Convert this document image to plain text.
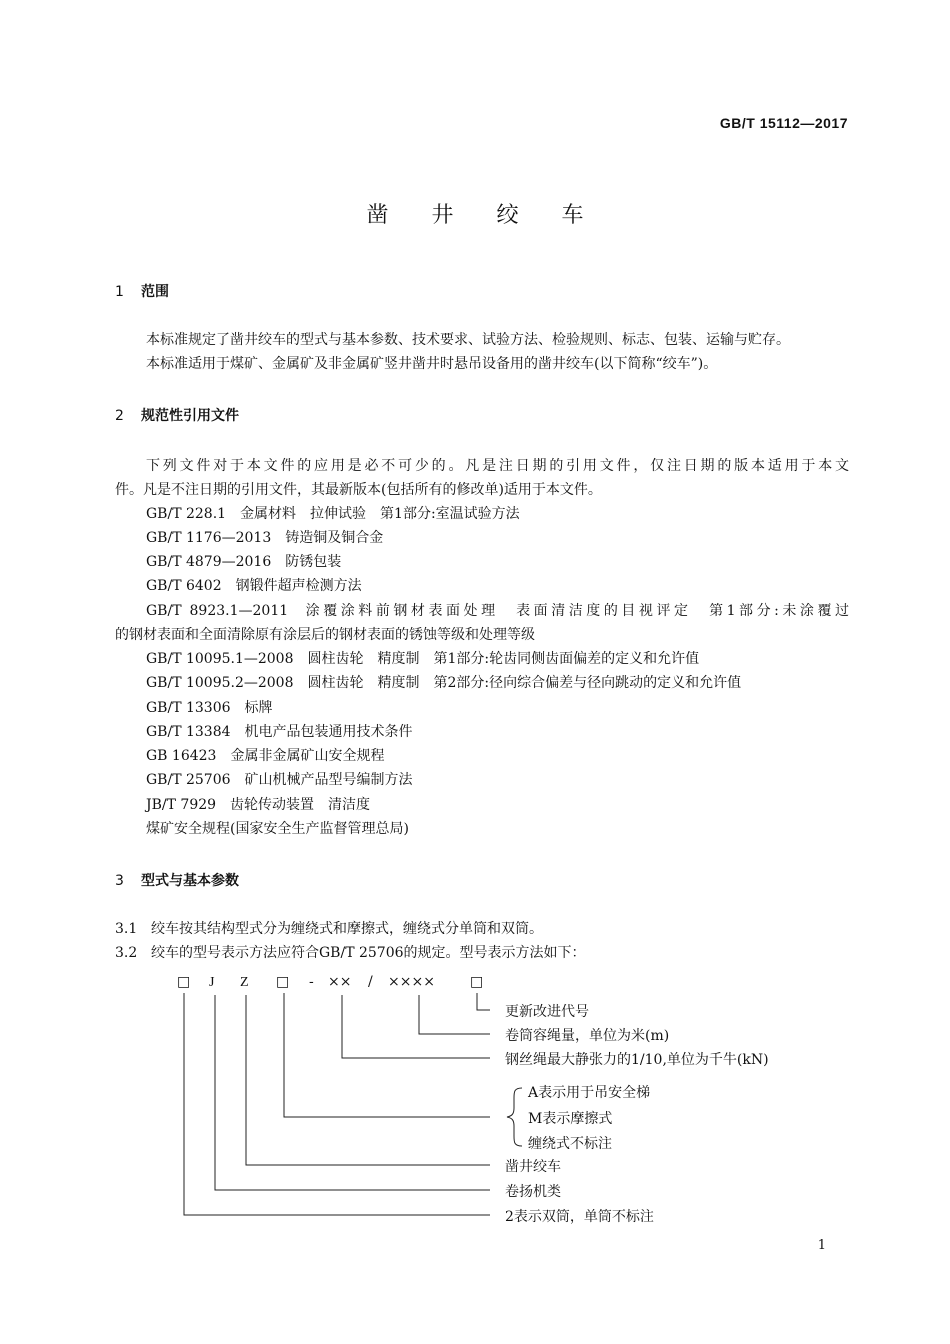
GB/T 15112—2017
凿 井 绞 车
1 范围
本标准规定了凿井绞车的型式与基本参数、技术要求、试验方法、检验规则、标志、包装、运输与贮存。
本标准适用于煤矿、金属矿及非金属矿竖井凿井时悬吊设备用的凿井绞车(以下简称“绞车”)。
2 规范性引用文件
下列文件对于本文件的应用是必不可少的。凡是注日期的引用文件，仅注日期的版本适用于本文
件。凡是不注日期的引用文件，其最新版本(包括所有的修改单)适用于本文件。
GB/T 228.1 金属材料　拉伸试验　第1部分:室温试验方法
GB/T 1176—2013 铸造铜及铜合金
GB/T 4879—2016 防锈包装
GB/T 6402 钢锻件超声检测方法
GB/T 8923.1—2011 涂覆涂料前钢材表面处理　表面清洁度的目视评定　第1部分:未涂覆过
的钢材表面和全面清除原有涂层后的钢材表面的锈蚀等级和处理等级
GB/T 10095.1—2008 圆柱齿轮　精度制　第1部分:轮齿同侧齿面偏差的定义和允许值
GB/T 10095.2—2008 圆柱齿轮　精度制　第2部分:径向综合偏差与径向跳动的定义和允许值
GB/T 13306 标牌
GB/T 13384 机电产品包装通用技术条件
GB 16423 金属非金属矿山安全规程
GB/T 25706 矿山机械产品型号编制方法
JB/T 7929 齿轮传动装置　清洁度
煤矿安全规程(国家安全生产监督管理总局)
3 型式与基本参数
3.1 绞车按其结构型式分为缠绕式和摩擦式，缠绕式分单筒和双筒。
3.2 绞车的型号表示方法应符合GB/T 25706的规定。型号表示方法如下：
□ J Z □ - ×× / ××××	□
更新改进代号
卷筒容绳量，单位为米(m)
钢丝绳最大静张力的1/10,单位为千牛(kN)
A表示用于吊安全梯
M表示摩擦式
缠绕式不标注
凿井绞车
卷扬机类
2表示双筒，单筒不标注
1
